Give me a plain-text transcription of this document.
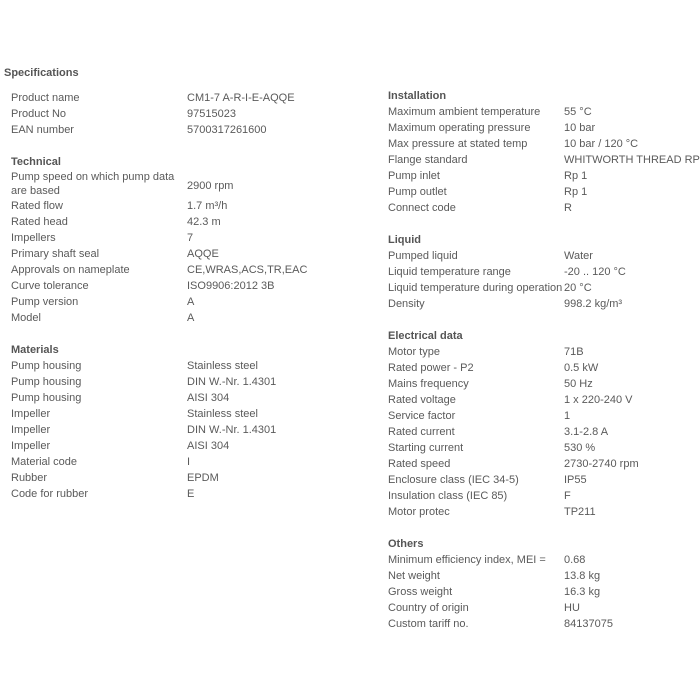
Specifications
Product name	CM1-7 A-R-I-E-AQQE
Product No	97515023
EAN number	5700317261600
Technical
Pump speed on which pump data are based	2900 rpm
Rated flow	1.7 m³/h
Rated head	42.3 m
Impellers	7
Primary shaft seal	AQQE
Approvals on nameplate	CE,WRAS,ACS,TR,EAC
Curve tolerance	ISO9906:2012 3B
Pump version	A
Model	A
Materials
Pump housing	Stainless steel
Pump housing	DIN W.-Nr. 1.4301
Pump housing	AISI 304
Impeller	Stainless steel
Impeller	DIN W.-Nr. 1.4301
Impeller	AISI 304
Material code	I
Rubber	EPDM
Code for rubber	E
Installation
Maximum ambient temperature	55 °C
Maximum operating pressure	10 bar
Max pressure at stated temp	10 bar / 120 °C
Flange standard	WHITWORTH THREAD RP
Pump inlet	Rp 1
Pump outlet	Rp 1
Connect code	R
Liquid
Pumped liquid	Water
Liquid temperature range	-20 .. 120 °C
Liquid temperature during operation 20 °C
Density	998.2 kg/m³
Electrical data
Motor type	71B
Rated power - P2	0.5 kW
Mains frequency	50 Hz
Rated voltage	1 x 220-240 V
Service factor	1
Rated current	3.1-2.8 A
Starting current	530 %
Rated speed	2730-2740 rpm
Enclosure class (IEC 34-5)	IP55
Insulation class (IEC 85)	F
Motor protec	TP211
Others
Minimum efficiency index, MEI =	0.68
Net weight	13.8 kg
Gross weight	16.3 kg
Country of origin	HU
Custom tariff no.	84137075
